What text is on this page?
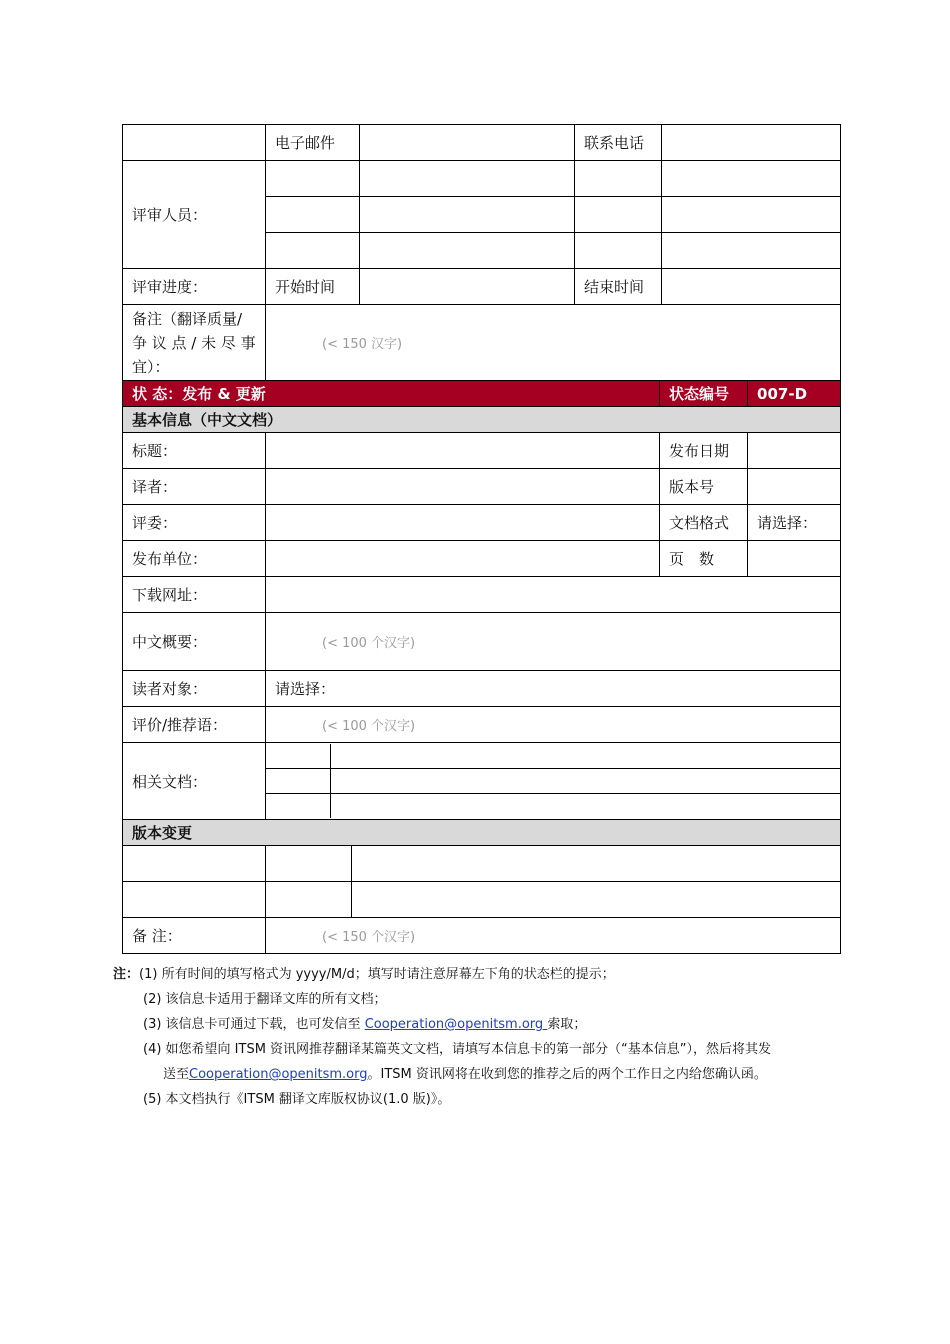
	电子邮件		联系电话	
评审人员：				

评审进度：	开始时间		结束时间	

备注（翻译质量/
争 议 点 / 未 尽 事
宜）：
	(< 150 汉字)
状 态：发布 & 更新	状态编号	007-D
基本信息（中文文档）
标题：		发布日期	
译者：		版本号	
评委：		文档格式	请选择：
发布单位：		页　数	
下载网址：	
中文概要：	(< 100 个汉字)
读者对象：	请选择：
评价/推荐语：	(< 100 个汉字)
相关文档：	

版本变更

备 注：	(< 150 个汉字)
注：(1) 所有时间的填写格式为 yyyy/M/d；填写时请注意屏幕左下角的状态栏的提示；
(2) 该信息卡适用于翻译文库的所有文档；
(3) 该信息卡可通过下载，也可发信至 Cooperation@openitsm.org 索取；
(4) 如您希望向 ITSM 资讯网推荐翻译某篇英文文档，请填写本信息卡的第一部分（“基本信息”），然后将其发
送至Cooperation@openitsm.org。ITSM 资讯网将在收到您的推荐之后的两个工作日之内给您确认函。
(5) 本文档执行《ITSM 翻译文库版权协议(1.0 版)》。
